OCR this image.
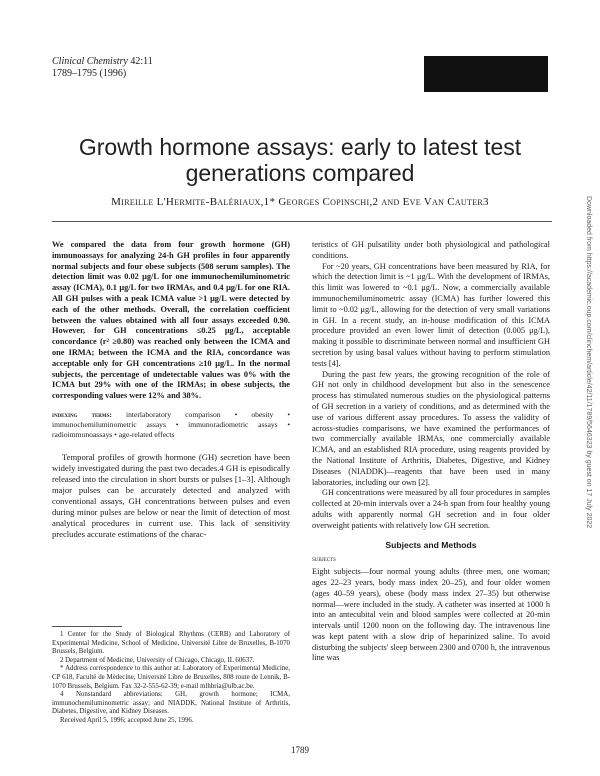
Clinical Chemistry 42:11
1789–1795 (1996)
Growth hormone assays: early to latest test generations compared
Mireille L'Hermite-Balériaux,1* Georges Copinschi,2 and Eve Van Cauter3

We compared the data from four growth hormone (GH) immunoassays for analyzing 24-h GH profiles in four apparently normal subjects and four obese subjects (508 serum samples). The detection limit was 0.02 μg/L for one immunochemiluminometric assay (ICMA), 0.1 μg/L for two IRMAs, and 0.4 μg/L for one RIA. All GH pulses with a peak ICMA value >1 μg/L were detected by each of the other methods. Overall, the correlation coefficient between the values obtained with all four assays exceeded 0.90. However, for GH concentrations ≤0.25 μg/L, acceptable concordance (r² ≥0.80) was reached only between the ICMA and one IRMA; between the ICMA and the RIA, concordance was acceptable only for GH concentrations ≥10 μg/L. In the normal subjects, the percentage of undetectable values was 0% with the ICMA but 29% with one of the IRMAs; in obese subjects, the corresponding values were 12% and 38%.

indexing terms: interlaboratory comparison • obesity • immunochemiluminometric assays • immunoradiometric assays • radioimmunoassays • age-related effects

Temporal profiles of growth hormone (GH) secretion have been widely investigated during the past two decades.4 GH is episodically released into the circulation in short bursts or pulses [1–3]. Although major pulses can be accurately detected and analyzed with conventional assays, GH concentrations between pulses and even during minor pulses are below or near the limit of detection of most analytical procedures in current use. This lack of sensitivity precludes accurate estimations of the charac-

1 Center for the Study of Biological Rhythms (CERB) and Laboratory of Experimental Medicine, School of Medicine, Université Libre de Bruxelles, B-1070 Brussels, Belgium.

2 Department of Medicine, University of Chicago, Chicago, IL 60637.

* Address correspondence to this author at: Laboratory of Experimental Medicine, CP 618, Faculté de Médecine, Université Libre de Bruxelles, 808 route de Lennik, B-1070 Brussels, Belgium. Fax 32-2-555-62-39; e-mail mlhbria@ulb.ac.be.

4 Nonstandard abbreviations: GH, growth hormone; ICMA, immunochemiluminometric assay; and NIADDK, National Institute of Arthritis, Diabetes, Digestive, and Kidney Diseases.

Received April 5, 1996; accepted June 25, 1996.

teristics of GH pulsatility under both physiological and pathological conditions.

For ~20 years, GH concentrations have been measured by RIA, for which the detection limit is ~1 μg/L. With the development of IRMAs, this limit was lowered to ~0.1 μg/L. Now, a commercially available immunochemiluminometric assay (ICMA) has further lowered this limit to ~0.02 μg/L, allowing for the detection of very small variations in GH. In a recent study, an in-house modification of this ICMA procedure provided an even lower limit of detection (0.005 μg/L), making it possible to discriminate between normal and insufficient GH secretion by using basal values without having to perform stimulation tests [4].

During the past few years, the growing recognition of the role of GH not only in childhood development but also in the senescence process has stimulated numerous studies on the physiological patterns of GH secretion in a variety of conditions, and as determined with the use of various different assay procedures. To assess the validity of across-studies comparisons, we have examined the performances of two commercially available IRMAs, one commercially available ICMA, and an established RIA procedure, using reagents provided by the National Institute of Arthritis, Diabetes, Digestive, and Kidney Diseases (NIADDK)—reagents that have been used in many laboratories, including our own [2].

GH concentrations were measured by all four procedures in samples collected at 20-min intervals over a 24-h span from four healthy young adults with apparently normal GH secretion and in four older overweight patients with relatively low GH secretion.

Subjects and Methods
subjects

Eight subjects—four normal young adults (three men, one woman; ages 22–23 years, body mass index 20–25), and four older women (ages 40–59 years), obese (body mass index 27–35) but otherwise normal—were included in the study. A catheter was inserted at 1000 h into an antecubital vein and blood samples were collected at 20-min intervals until 1200 noon on the following day. The intravenous line was kept patent with a slow drip of heparinized saline. To avoid disturbing the subjects' sleep between 2300 and 0700 h, the intravenous line was

1789
Downloaded from https://academic.oup.com/clinchem/article/42/11/1789/5646323 by guest on 17 July 2022
